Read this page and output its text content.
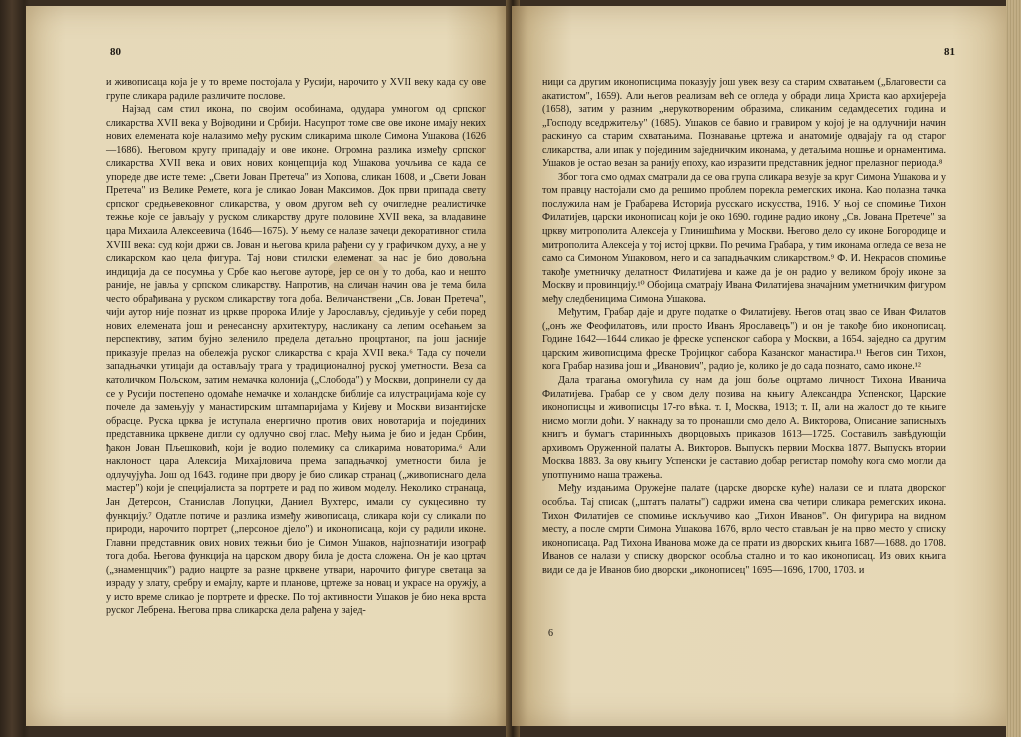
80

и живописаца која је у то време постојала у Русији, нарочито у XVII веку када су ове групе сликара радиле различите послове.

Најзад сам стил икона, по својим особинама, одудара умногом од српског сликарства XVII века у Војводини и Србији. Насупрот томе све ове иконе имају неких нових елемената које налазимо међу руским сликарима школе Симона Ушакова (1626—1686). Његовом кругу припадају и ове иконе. Огромна разлика између српског сликарства XVII века и ових нових концепција код Ушакова уочљива се када се упореде две исте теме: „Свети Јован Претеча" из Хопова, сликан 1608, и „Свети Јован Претеча" из Велике Ремете, кога је сликао Јован Максимов. Док први припада свету српског средњевековног сликарства, у овом другом већ су очигледне реалистичке тежње које се јављају у руском сликарству друге половине XVII века, за владавине цара Михаила Алексеевича (1646—1675). У њему се налазе зачеци декоративног стила XVIII века: суд који држи св. Јован и његова крила рађени су у графичком духу, а не у сликарском као цела фигура. Тај нови стилски елеменат за нас је био довољна индиција да се посумња у Србе као његове ауторе, јер се он у то доба, као и нешто раније, не јавља у српском сликарству. Напротив, на сличан начин ова је тема била често обрађивана у руском сликарству тога доба. Величанствени „Св. Јован Претеча", чији аутор није познат из цркве пророка Илије у Јарослављу, сједињује у себи поред нових елемената још и ренесансну архитектуру, насликану са лепим осећањем за перспективу, затим бујно зеленило предела детаљно процртаног, па још јасније приказује прелаз на обележја руског сликарства с краја XVII века.⁶ Тада су почели западњачки утицаји да остављају трага у традиционалној руској уметности. Веза са католичком Пољском, затим немачка колонија („Слобода") у Москви, допринели су да се у Русији постепено одомаће немачке и холандске библије са илустрацијама које су почеле да замењују у манастирским штампаријама у Кијеву и Москви византијске обрасце. Руска црква је иступала енергично против ових новотарија и појединих представника црквене дигли су одлучно свој глас. Међу њима је био и један Србин, ђакон Јован Пљешковић, који је водио полемику са сликарима новаторима.⁶ Али наклоност цара Алексија Михајловича према западњачкој уметности била је одлучујућа. Још од 1643. године при двору је био сликар странац („живописнаго дела мастер") који је специјалиста за портрете и рад по живом моделу. Неколико странаца, Јан Детерсон, Станислав Лопуцки, Даниел Вухтерс, имали су сукцесивно ту функцију.⁷ Одатле потиче и разлика између живописаца, сликара који су сликали по природи, нарочито портрет („персоное дјело") и иконописаца, који су радили иконе. Главни представник ових нових тежњи био је Симон Ушаков, најпознатији изограф тога доба. Његова функција на царском двору била је доста сложена. Он је као цртач („знаменщчик") радио нацрте за разне црквене утвари, нарочито фигуре светаца за израду у злату, сребру и емајлу, карте и планове, цртеже за новац и украсе на оружју, а у исто време сликао је портрете и фреске. По тој активности Ушаков је био нека врста руског Лебрена. Његова прва сликарска дела рађена у зајед-

81

ници са другим иконописцима показују још увек везу са старим схватањем („Благовести са акатистом", 1659). Али његов реализам већ се огледа у обради лица Христа као архијереја (1658), затим у разним „нерукотвореним образима, сликаним седамдесетих година и „Господу вседржитељу" (1685). Ушаков се бавио и гравиром у којој је на одлучнији начин раскинуо са старим схватањима. Познавање цртежа и анатомије одвајају га од старог сликарства, али ипак у појединим заједничким иконама, у детаљима ношње и орнаментима. Ушаков је остао везан за ранију епоху, као изразити представник једног прелазног периода.⁸

Због тога смо одмах сматрали да се ова група сликара везује за круг Симона Ушакова и у том правцу настојали смо да решимо проблем порекла ремегских икона. Као полазна тачка послужила нам је Грабарева Историја русскаго искусства, 1916. У њој се спомиње Тихон Филатијев, царски иконописац који је око 1690. године радио икону „Св. Јована Претече" за цркву митрополита Алексеја у Глинишћима у Москви. Његово дело су иконе Богородице и митрополита Алексеја у тој истој цркви. По речима Грабара, у тим иконама огледа се веза не само са Симоном Ушаковом, него и са западњачким сликарством.⁹ Ф. И. Некрасов спомиње такође уметничку делатност Филатијева и каже да је он радио у великом броју иконе за Москву и провинцију.¹⁰ Обојица сматрају Ивана Филатијева значајним уметничким фигуром међу следбеницима Симона Ушакова.

Међутим, Грабар даје и друге податке о Филатијеву. Његов отац звао се Иван Филатов („онъ же Феофилатовъ, или просто Иванъ Ярославецъ") и он је такође био иконописац. Године 1642—1644 сликао је фреске успенског сабора у Москви, а 1654. заједно са другим царским живописцима фреске Тројицког сабора Казанског манастира.¹¹ Његов син Тихон, кога Грабар назива још и „Иванович", радио је, колико је до сада познато, само иконе.¹²

Дала трагања омогућила су нам да још боље оцртамо личност Тихона Иванича Филатијева. Грабар се у свом делу позива на књигу Александра Успенског, Царские иконописцы и живописцы 17-го вѣка. т. I, Москва, 1913; т. II, али на жалост до те књиге нисмо могли доћи. У накнаду за то пронашли смо дело А. Викторова, Описание записныхъ книгъ и бумагъ старинныхъ дворцовыхъ приказов 1613—1725. Составилъ завѣдующiи архивомъ Оруженной палаты А. Викторов. Выпускъ первии Москва 1877. Выпускъ втории Москва 1883. За ову књигу Успенски је саставио добар регистар помоћу кога смо могли да употпунимо наша тражења.

Међу издањима Оружејне палате (царске дворске куће) налази се и плата дворског особља. Тај списак („штатъ палаты") садржи имена сва четири сликара ремегских икона. Тихон Филатијев се спомиње искључиво као „Тихон Иванов". Он фигурира на видном месту, а после смрти Симона Ушакова 1676, врло често стављан је на прво место у списку иконописаца. Рад Тихона Иванова може да се прати из дворских књига 1687—1688. до 1708. Иванов се налази у списку дворског особља стално и то као иконописац. Из ових књига види се да је Иванов био дворски „иконописец" 1695—1696, 1700, 1703. и

6
